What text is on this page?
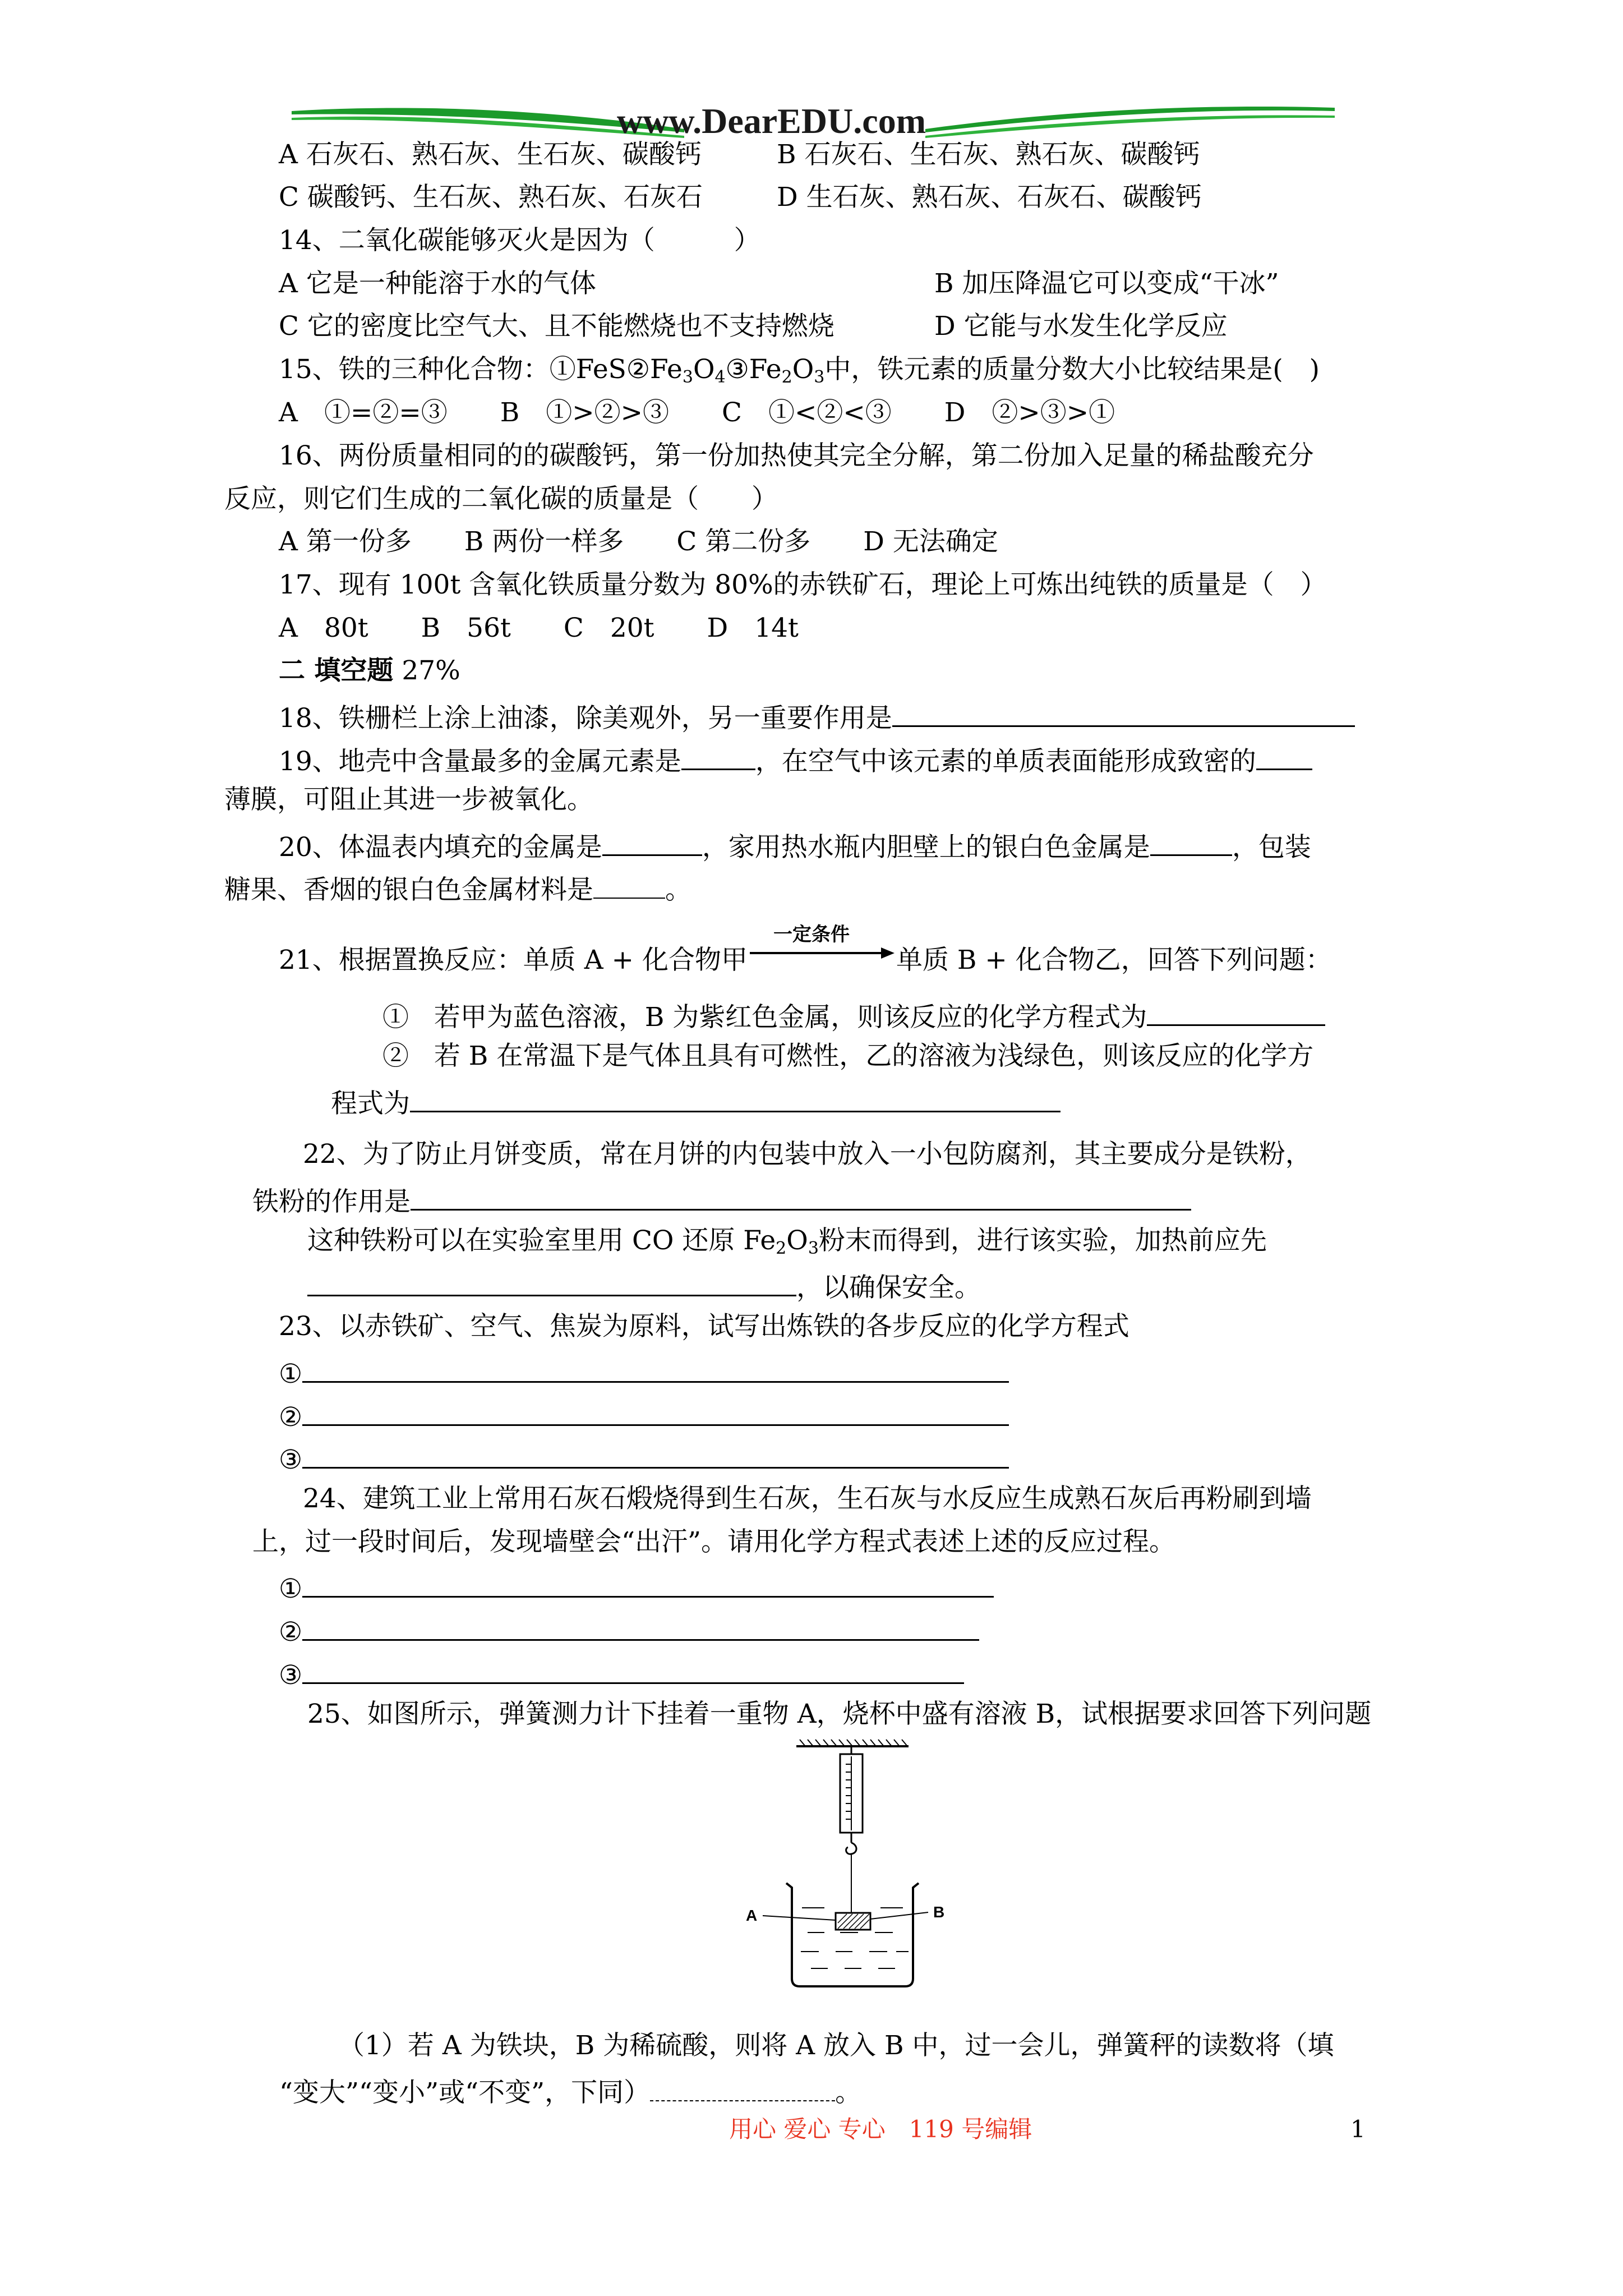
www.DearEDU.com
A 石灰石、熟石灰、生石灰、碳酸钙	B 石灰石、生石灰、熟石灰、碳酸钙
C 碳酸钙、生石灰、熟石灰、石灰石	D 生石灰、熟石灰、石灰石、碳酸钙
14、二氧化碳能够灭火是因为（　　　）
A 它是一种能溶于水的气体	B 加压降温它可以变成“干冰”
C 它的密度比空气大、且不能燃烧也不支持燃烧	D 它能与水发生化学反应
15、铁的三种化合物：$①FeS②Fe_3O_4③Fe_2O_3$中，铁元素的质量分数大小比较结果是(　)
A　①=②=③　　B　①>②>③　　C　①<②<③　　D　②>③>①
16、两份质量相同的的碳酸钙，第一份加热使其完全分解，第二份加入足量的稀盐酸充分
反应，则它们生成的二氧化碳的质量是（　　）
A 第一份多　　B 两份一样多　　C 第二份多　　D 无法确定
17、现有 100t 含氧化铁质量分数为 80%的赤铁矿石，理论上可炼出纯铁的质量是（　）
A　80t　　B　56t　　C　20t　　D　14t
二 填空题 27%
18、铁栅栏上涂上油漆，除美观外，另一重要作用是
19、地壳中含量最多的金属元素是	，在空气中该元素的单质表面能形成致密的
薄膜，可阻止其进一步被氧化。
20、体温表内填充的金属是	，家用热水瓶内胆壁上的银白色金属是	，包装
糖果、香烟的银白色金属材料是	。
21、根据置换反应：单质 A + 化合物甲
一定条件
单质 B + 化合物乙，回答下列问题：
① 若甲为蓝色溶液，B 为紫红色金属，则该反应的化学方程式为
② 若 B 在常温下是气体且具有可燃性，乙的溶液为浅绿色，则该反应的化学方
程式为
22、为了防止月饼变质，常在月饼的内包装中放入一小包防腐剂，其主要成分是铁粉，
铁粉的作用是
这种铁粉可以在实验室里用 CO 还原 $Fe_2O_3$粉末而得到，进行该实验，加热前应先
，以确保安全。
23、以赤铁矿、空气、焦炭为原料，试写出炼铁的各步反应的化学方程式
①
②
③
24、建筑工业上常用石灰石煅烧得到生石灰，生石灰与水反应生成熟石灰后再粉刷到墙
上，过一段时间后，发现墙壁会“出汗”。请用化学方程式表述上述的反应过程。
①
②
③
25、如图所示，弹簧测力计下挂着一重物 A，烧杯中盛有溶液 B，试根据要求回答下列问题
A	B
（1）若 A 为铁块，B 为稀硫酸，则将 A 放入 B 中，过一会儿，弹簧秤的读数将（填
“变大”“变小”或“不变”，下同）	。
用心 爱心 专心　119 号编辑	1
